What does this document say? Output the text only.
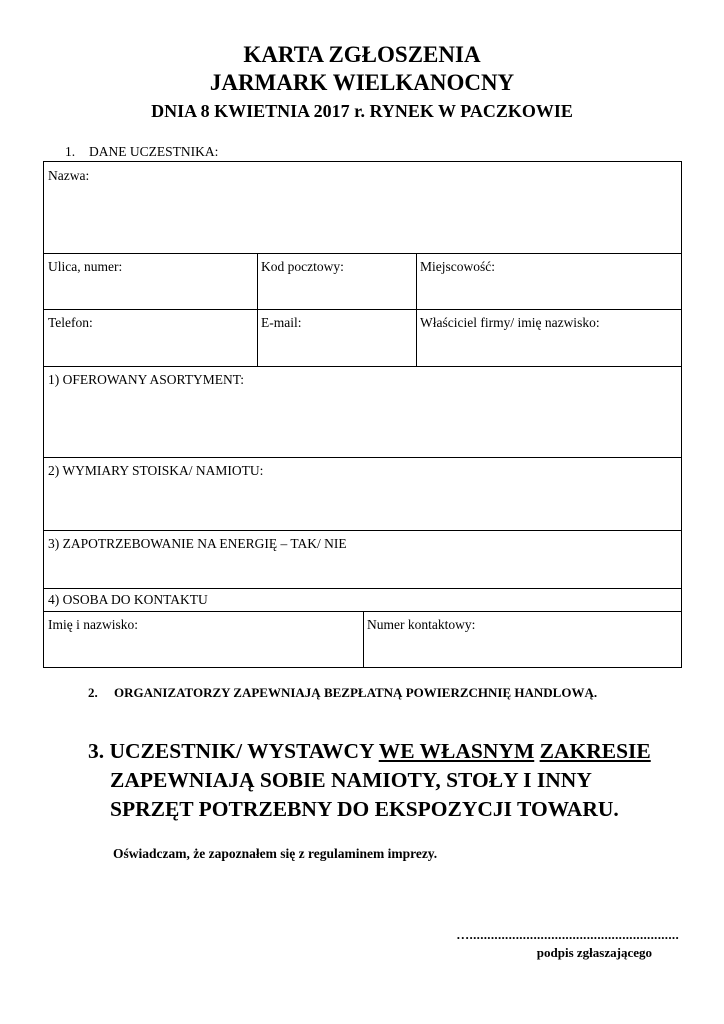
KARTA ZGŁOSZENIA
JARMARK WIELKANOCNY
DNIA 8 KWIETNIA 2017 r. RYNEK W PACZKOWIE
1. DANE UCZESTNIKA:
Nazwa:
Ulica, numer:	Kod pocztowy:	Miejscowość:
Telefon:	E-mail:	Właściciel firmy/ imię nazwisko:
1) OFEROWANY ASORTYMENT:
2) WYMIARY STOISKA/ NAMIOTU:
3) ZAPOTRZEBOWANIE NA ENERGIĘ – TAK/ NIE
4) OSOBA DO KONTAKTU
Imię i nazwisko:	Numer kontaktowy:
2. ORGANIZATORZY ZAPEWNIAJĄ BEZPŁATNĄ POWIERZCHNIĘ HANDLOWĄ.
3. UCZESTNIK/ WYSTAWCY WE WŁASNYM ZAKRESIE
ZAPEWNIAJĄ SOBIE NAMIOTY, STOŁY I INNY
SPRZĘT POTRZEBNY DO EKSPOZYCJI TOWARU.
Oświadczam, że zapoznałem się z regulaminem imprezy.
…...........................................................
podpis zgłaszającego
